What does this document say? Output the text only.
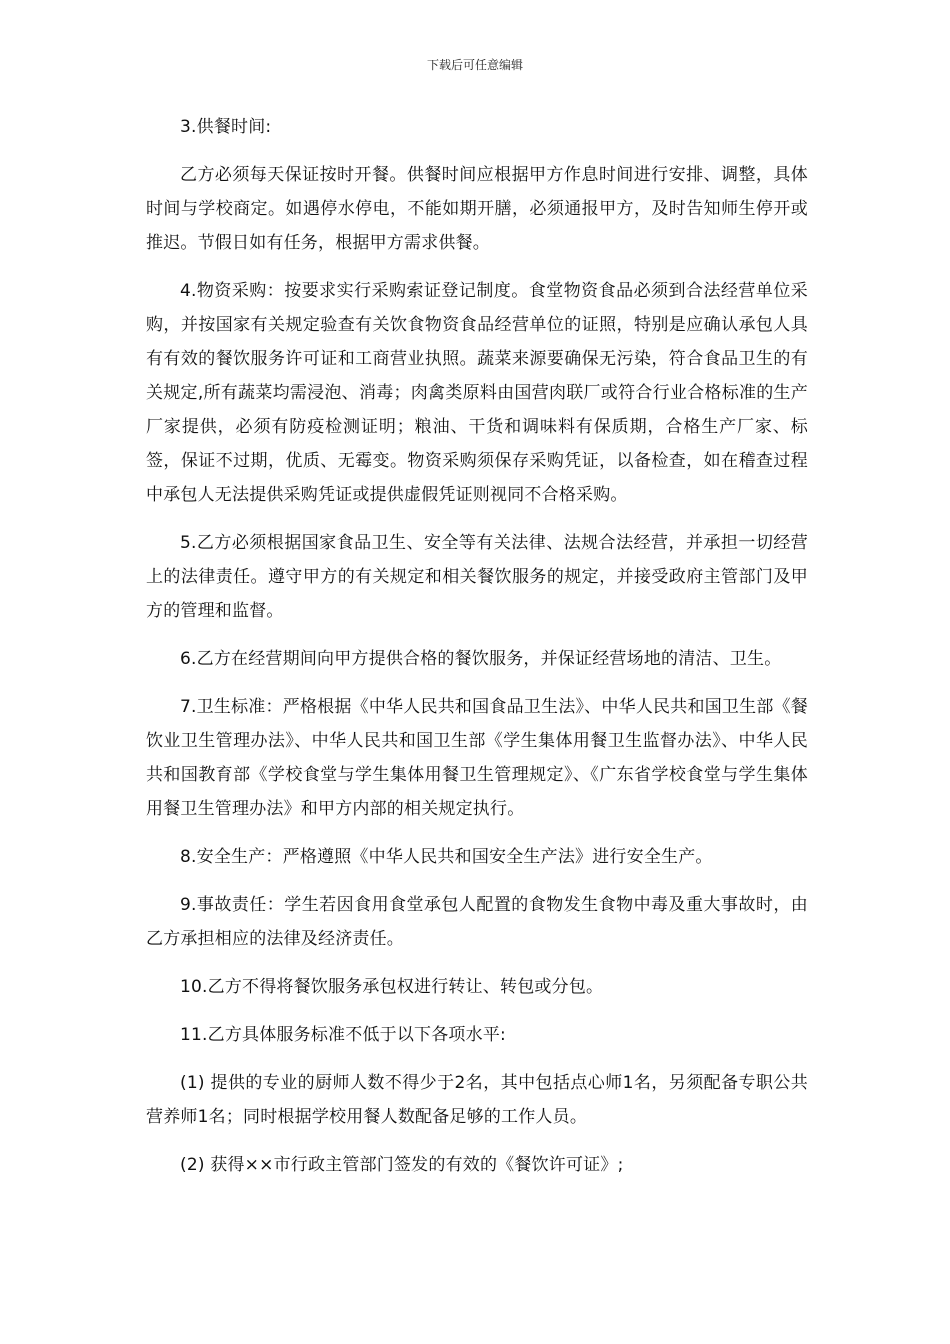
下载后可任意编辑

3.供餐时间:

乙方必须每天保证按时开餐。供餐时间应根据甲方作息时间进行安排、调整，具体时间与学校商定。如遇停水停电，不能如期开膳，必须通报甲方，及时告知师生停开或推迟。节假日如有任务，根据甲方需求供餐。

4.物资采购：按要求实行采购索证登记制度。食堂物资食品必须到合法经营单位采购，并按国家有关规定验查有关饮食物资食品经营单位的证照，特别是应确认承包人具有有效的餐饮服务许可证和工商营业执照。蔬菜来源要确保无污染，符合食品卫生的有关规定,所有蔬菜均需浸泡、消毒；肉禽类原料由国营肉联厂或符合行业合格标准的生产厂家提供，必须有防疫检测证明；粮油、干货和调味料有保质期，合格生产厂家、标签，保证不过期，优质、无霉变。物资采购须保存采购凭证，以备检查，如在稽查过程中承包人无法提供采购凭证或提供虚假凭证则视同不合格采购。

5.乙方必须根据国家食品卫生、安全等有关法律、法规合法经营，并承担一切经营上的法律责任。遵守甲方的有关规定和相关餐饮服务的规定，并接受政府主管部门及甲方的管理和监督。

6.乙方在经营期间向甲方提供合格的餐饮服务，并保证经营场地的清洁、卫生。

7.卫生标准：严格根据《中华人民共和国食品卫生法》、中华人民共和国卫生部《餐饮业卫生管理办法》、中华人民共和国卫生部《学生集体用餐卫生监督办法》、中华人民共和国教育部《学校食堂与学生集体用餐卫生管理规定》、《广东省学校食堂与学生集体用餐卫生管理办法》和甲方内部的相关规定执行。

8.安全生产：严格遵照《中华人民共和国安全生产法》进行安全生产。

9.事故责任：学生若因食用食堂承包人配置的食物发生食物中毒及重大事故时，由乙方承担相应的法律及经济责任。

10.乙方不得将餐饮服务承包权进行转让、转包或分包。

11.乙方具体服务标准不低于以下各项水平:

(1) 提供的专业的厨师人数不得少于2名，其中包括点心师1名，另须配备专职公共营养师1名；同时根据学校用餐人数配备足够的工作人员。

(2) 获得××市行政主管部门签发的有效的《餐饮许可证》;
